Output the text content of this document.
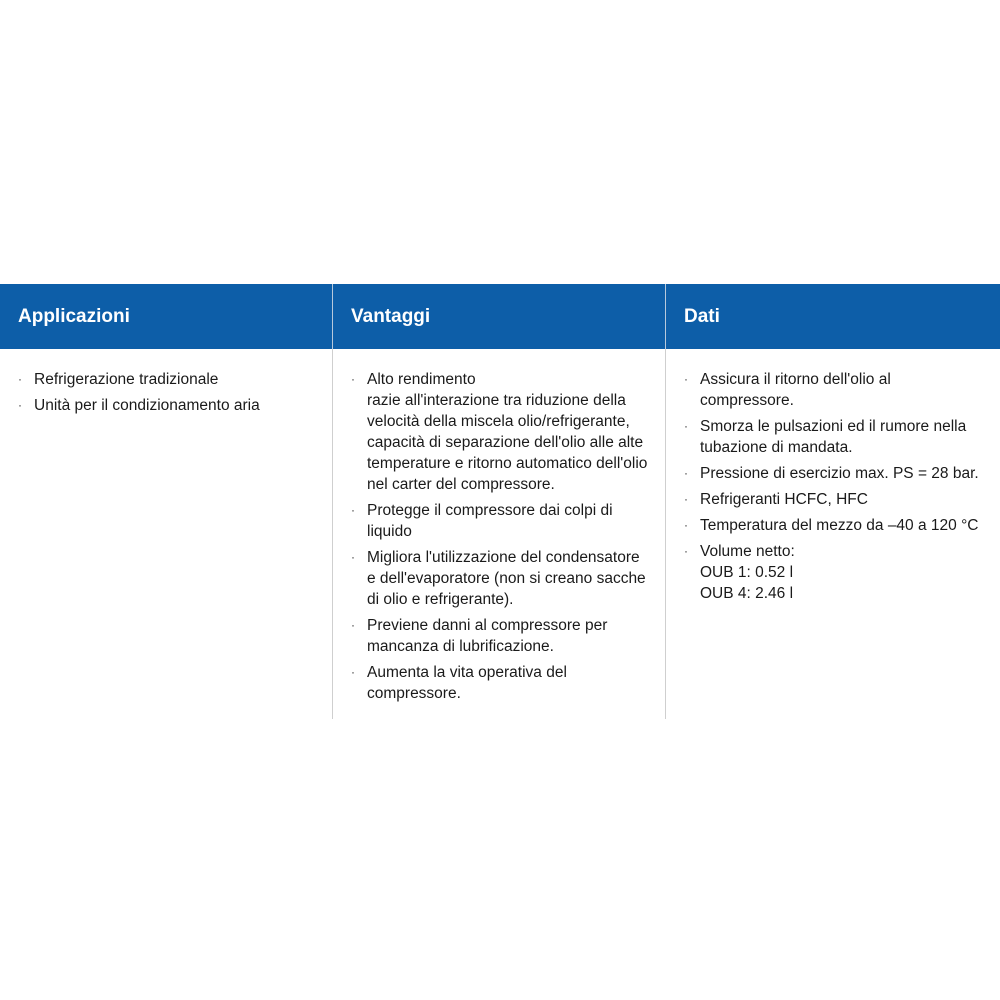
Applicazioni	Vantaggi	Dati
· Refrigerazione tradizionale
· Unità per il condizionamento aria
· Alto rendimento
razie all'interazione tra riduzione della velocità della miscela olio/refrigerante, capacità di separazione dell'olio alle alte temperature e ritorno automatico dell'olio nel carter del compressore.
· Protegge il compressore dai colpi di liquido
· Migliora l'utilizzazione del condensatore e dell'evaporatore (non si creano sacche di olio e refrigerante).
· Previene danni al compressore per mancanza di lubrificazione.
· Aumenta la vita operativa del compressore.
· Assicura il ritorno dell'olio al compressore.
· Smorza le pulsazioni ed il rumore nella tubazione di mandata.
· Pressione di esercizio max. PS = 28 bar.
· Refrigeranti HCFC, HFC
· Temperatura del mezzo da –40 a 120 °C
· Volume netto:
OUB 1: 0.52 l
OUB 4: 2.46 l
